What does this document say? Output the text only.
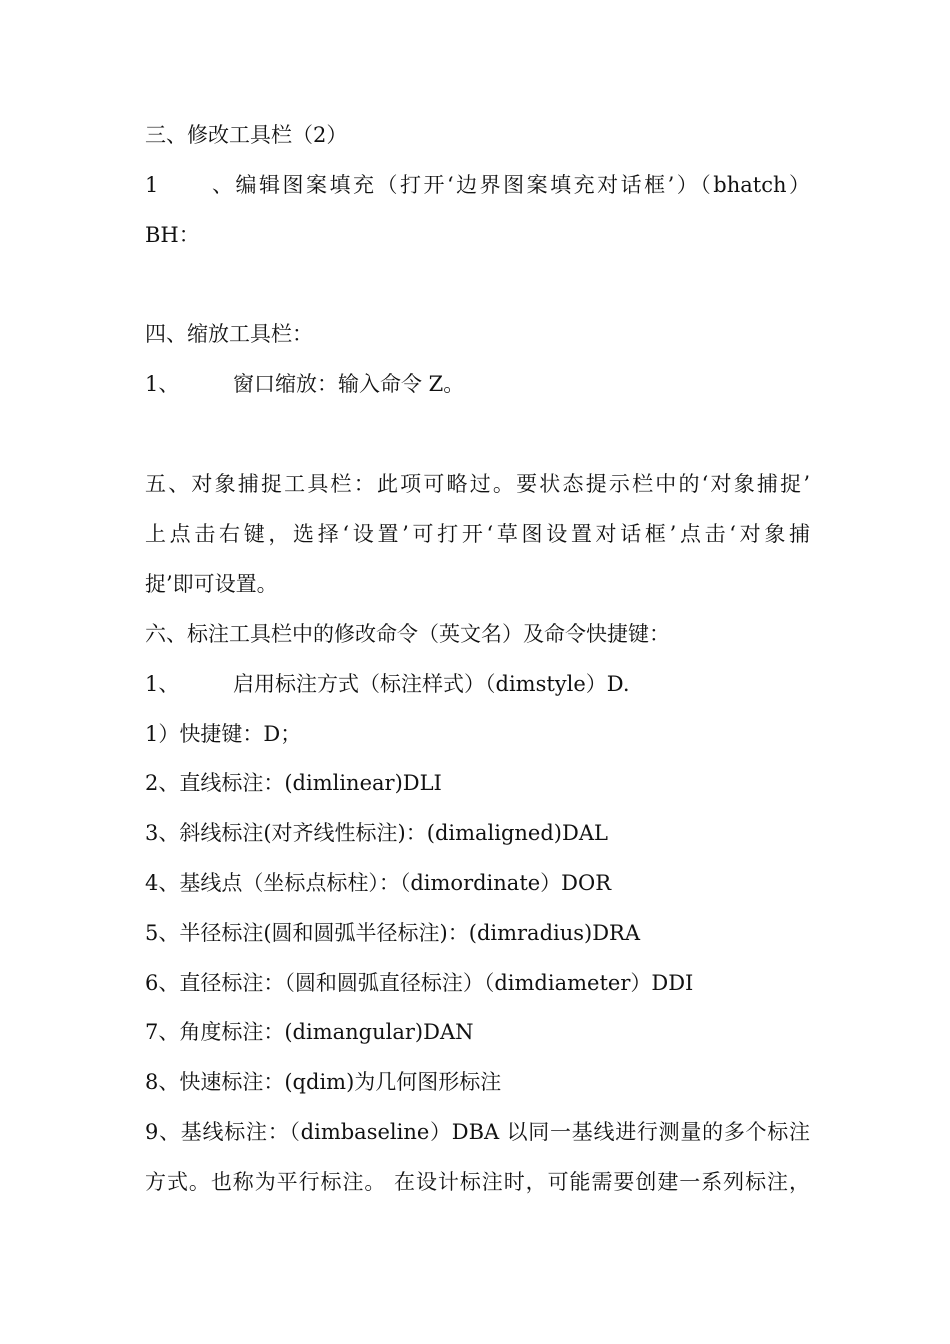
三、修改工具栏（2）
1、编辑图案填充（打开‘边界图案填充对话框’）（bhatch）
BH：
四、缩放工具栏：
1、	窗口缩放：输入命令 Z。
五、对象捕捉工具栏：此项可略过。要状态提示栏中的‘对象捕捉’
上点击右键，选择‘设置’可打开‘草图设置对话框’点击‘对象捕
捉’即可设置。
六、标注工具栏中的修改命令（英文名）及命令快捷键：
1、	启用标注方式（标注样式）（dimstyle）D.
1）快捷键：D；
2、直线标注：(dimlinear)DLI
3、斜线标注(对齐线性标注)：(dimaligned)DAL
4、基线点（坐标点标柱）：（dimordinate）DOR
5、半径标注(圆和圆弧半径标注)：(dimradius)DRA
6、直径标注：（圆和圆弧直径标注）（dimdiameter）DDI
7、角度标注：(dimangular)DAN
8、快速标注：(qdim)为几何图形标注
9、基线标注：（dimbaseline）DBA 以同一基线进行测量的多个标注
方式。也称为平行标注。 在设计标注时，可能需要创建一系列标注，
